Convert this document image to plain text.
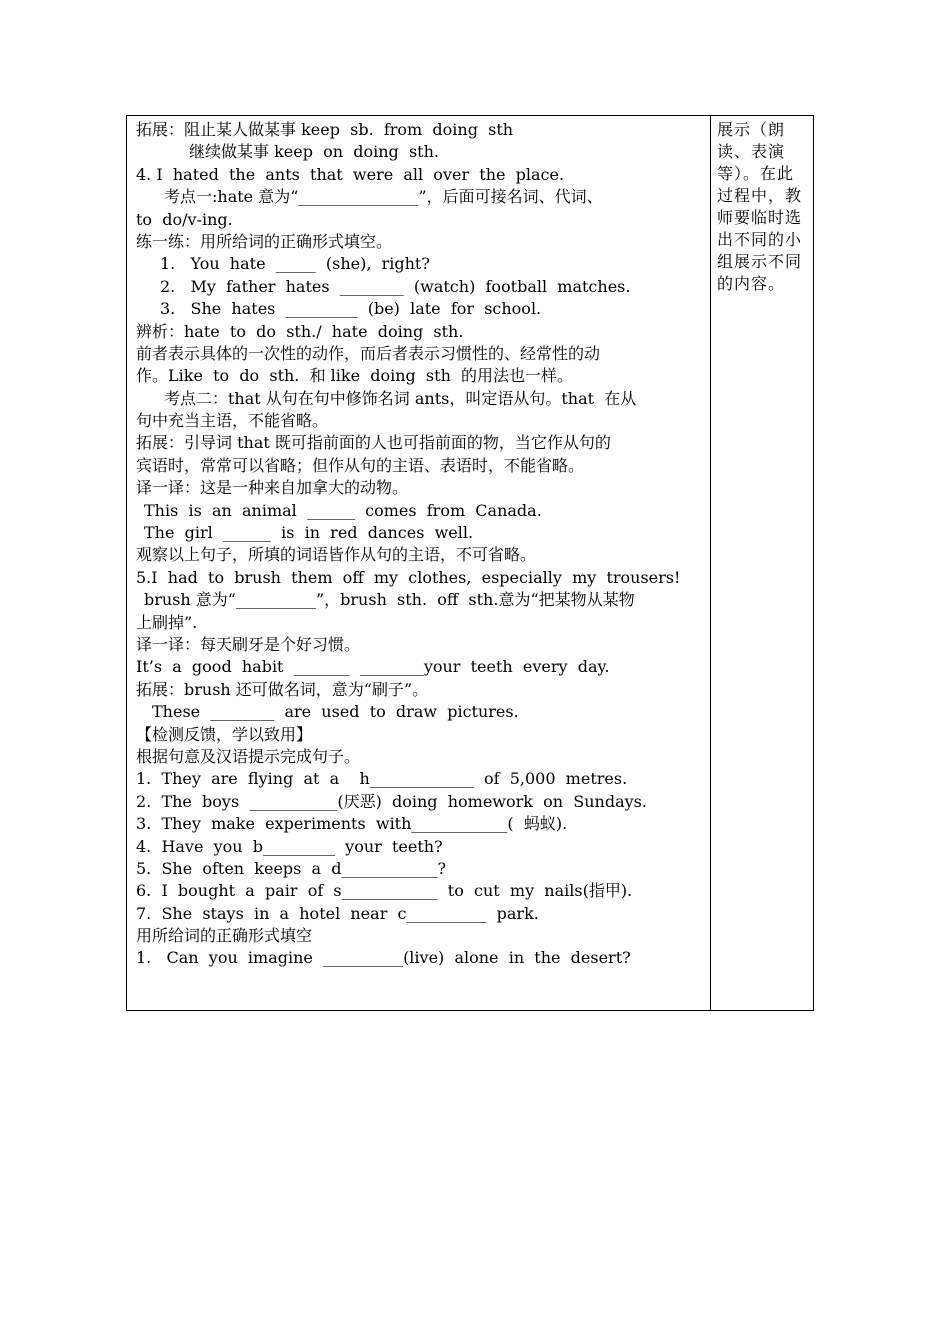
拓展：阻止某人做某事 keep  sb.  from  doing  sth
继续做某事 keep  on  doing  sth.
4. I  hated  the  ants  that  were  all  over  the  place.
考点一:hate 意为“_______________”，后面可接名词、代词、
to  do/v-ing.
练一练：用所给词的正确形式填空。
1.   You  hate  _____  (she),  right?
2.   My  father  hates  ________  (watch)  football  matches.
3.   She  hates  _________  (be)  late  for  school.
辨析：hate  to  do  sth./  hate  doing  sth.
前者表示具体的一次性的动作，而后者表示习惯性的、经常性的动
作。Like  to  do  sth.  和 like  doing  sth  的用法也一样。
考点二：that 从句在句中修饰名词 ants，叫定语从句。that  在从
句中充当主语，不能省略。
拓展：引导词 that 既可指前面的人也可指前面的物，当它作从句的
宾语时，常常可以省略；但作从句的主语、表语时，不能省略。
译一译：这是一种来自加拿大的动物。
This  is  an  animal  ______  comes  from  Canada.
The  girl  ______  is  in  red  dances  well.
观察以上句子，所填的词语皆作从句的主语，不可省略。
5.I  had  to  brush  them  off  my  clothes,  especially  my  trousers!
brush 意为“__________”，brush  sth.  off  sth.意为“把某物从某物
上刷掉”.
译一译：每天刷牙是个好习惯。
It’s  a  good  habit  _______  ________your  teeth  every  day.
拓展：brush 还可做名词，意为“刷子”。
These  ________  are  used  to  draw  pictures.
【检测反馈，学以致用】
根据句意及汉语提示完成句子。
1.  They  are  flying  at  a    h_____________  of  5,000  metres.
2.  The  boys  ___________(厌恶)  doing  homework  on  Sundays.
3.  They  make  experiments  with____________(  蚂蚁).
4.  Have  you  b_________  your  teeth?
5.  She  often  keeps  a  d____________?
6.  I  bought  a  pair  of  s____________  to  cut  my  nails(指甲).
7.  She  stays  in  a  hotel  near  c__________  park.
用所给词的正确形式填空
1.   Can  you  imagine  __________(live)  alone  in  the  desert?
展示（朗读、表演等）。在此过程中，教师要临时选出不同的小组展示不同的内容。
